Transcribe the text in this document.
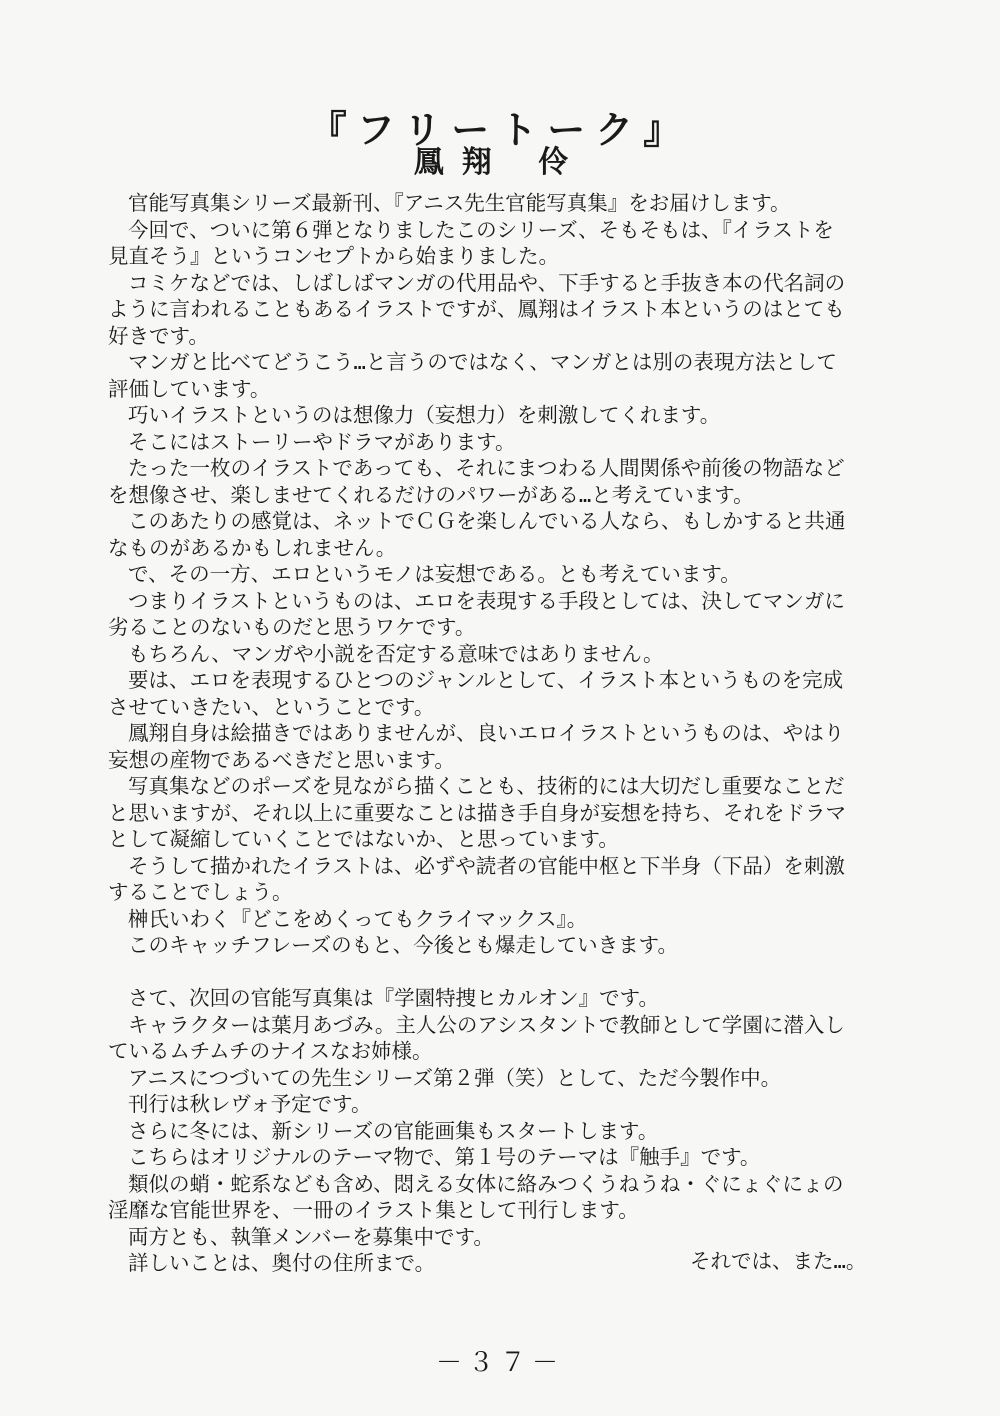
『フリートーク』
鳳翔 伶
官能写真集シリーズ最新刊、『アニス先生官能写真集』をお届けします。
今回で、ついに第６弾となりましたこのシリーズ、そもそもは、『イラストを
見直そう』というコンセプトから始まりました。
コミケなどでは、しばしばマンガの代用品や、下手すると手抜き本の代名詞の
ように言われることもあるイラストですが、鳳翔はイラスト本というのはとても
好きです。
マンガと比べてどうこう…と言うのではなく、マンガとは別の表現方法として
評価しています。
巧いイラストというのは想像力（妄想力）を刺激してくれます。
そこにはストーリーやドラマがあります。
たった一枚のイラストであっても、それにまつわる人間関係や前後の物語など
を想像させ、楽しませてくれるだけのパワーがある…と考えています。
このあたりの感覚は、ネットでＣＧを楽しんでいる人なら、もしかすると共通
なものがあるかもしれません。
で、その一方、エロというモノは妄想である。とも考えています。
つまりイラストというものは、エロを表現する手段としては、決してマンガに
劣ることのないものだと思うワケです。
もちろん、マンガや小説を否定する意味ではありません。
要は、エロを表現するひとつのジャンルとして、イラスト本というものを完成
させていきたい、ということです。
鳳翔自身は絵描きではありませんが、良いエロイラストというものは、やはり
妄想の産物であるべきだと思います。
写真集などのポーズを見ながら描くことも、技術的には大切だし重要なことだ
と思いますが、それ以上に重要なことは描き手自身が妄想を持ち、それをドラマ
として凝縮していくことではないか、と思っています。
そうして描かれたイラストは、必ずや読者の官能中枢と下半身（下品）を刺激
することでしょう。
榊氏いわく『どこをめくってもクライマックス』。
このキャッチフレーズのもと、今後とも爆走していきます。
さて、次回の官能写真集は『学園特捜ヒカルオン』です。
キャラクターは葉月あづみ。主人公のアシスタントで教師として学園に潜入し
ているムチムチのナイスなお姉様。
アニスにつづいての先生シリーズ第２弾（笑）として、ただ今製作中。
刊行は秋レヴォ予定です。
さらに冬には、新シリーズの官能画集もスタートします。
こちらはオリジナルのテーマ物で、第１号のテーマは『触手』です。
類似の蛸・蛇系なども含め、悶える女体に絡みつくうねうね・ぐにょぐにょの
淫靡な官能世界を、一冊のイラスト集として刊行します。
両方とも、執筆メンバーを募集中です。
詳しいことは、奥付の住所まで。	それでは、また…。
－３７－
